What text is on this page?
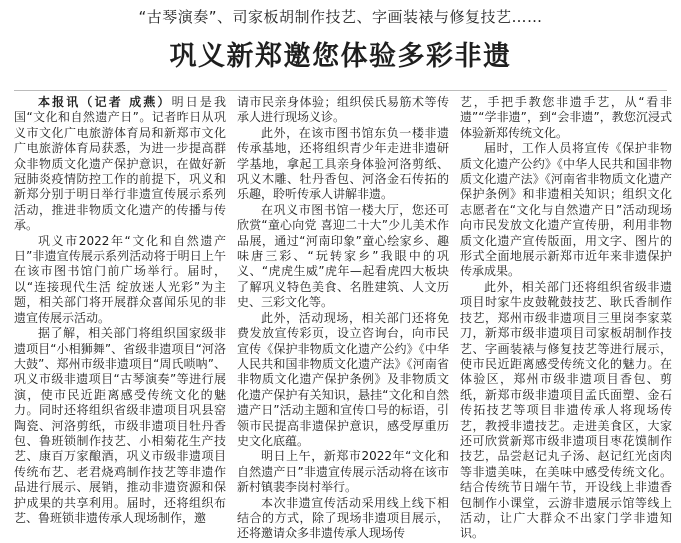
“古琴演奏”、司家板胡制作技艺、字画装裱与修复技艺……
巩义新郑邀您体验多彩非遗

本报讯（记者 成燕）明日是我国“文化和自然遗产日”。记者昨日从巩义市文化广电旅游体育局和新郑市文化广电旅游体育局获悉，为进一步提高群众非物质文化遗产保护意识，在做好新冠肺炎疫情防控工作的前提下，巩义和新郑分别于明日举行非遗宣传展示系列活动，推进非物质文化遗产的传播与传承。

巩义市2022年“文化和自然遗产日”非遗宣传展示系列活动将于明日上午在该市图书馆门前广场举行。届时，以“连接现代生活 绽放迷人光彩”为主题，相关部门将开展群众喜闻乐见的非遗宣传展示活动。

据了解，相关部门将组织国家级非遗项目“小相狮舞”、省级非遗项目“河洛大鼓”、郑州市级非遗项目“周氏唢呐”、巩义市级非遗项目“古琴演奏”等进行展演，使市民近距离感受传统文化的魅力。同时还将组织省级非遗项目巩县窑陶瓷、河洛剪纸，市级非遗项目牡丹香包、鲁班锁制作技艺、小相菊花生产技艺、康百万家酿酒，巩义市级非遗项目传统布艺、老君烧鸡制作技艺等非遗作品进行展示、展销，推动非遗资源和保护成果的共享利用。届时，还将组织布艺、鲁班锁非遗传承人现场制作，邀

请市民亲身体验；组织侯氏易筋术等传承人进行现场义诊。

此外，在该市图书馆东负一楼非遗传承基地，还将组织青少年走进非遗研学基地，拿起工具亲身体验河洛剪纸、巩义木雕、牡丹香包、河洛金石传拓的乐趣，聆听传承人讲解非遗。

在巩义市图书馆一楼大厅，您还可欣赏“童心向党 喜迎二十大”少儿美术作品展，通过“河南印象”童心绘家乡、趣味唐三彩、“玩转家乡”我眼中的巩义、“虎虎生威”虎年—起看虎四大板块了解巩义特色美食、名胜建筑、人文历史、三彩文化等。

此外，活动现场，相关部门还将免费发放宣传彩页，设立咨询台，向市民宣传《保护非物质文化遗产公约》《中华人民共和国非物质文化遗产法》《河南省非物质文化遗产保护条例》及非物质文化遗产保护有关知识，悬挂“文化和自然遗产日”活动主题和宣传口号的标语，引领市民提高非遗保护意识，感受厚重历史文化底蕴。

明日上午，新郑市2022年“文化和自然遗产日”非遗宣传展示活动将在该市新村镇裴李岗村举行。

本次非遗宣传活动采用线上线下相结合的方式，除了现场非遗项目展示，还将邀请众多非遗传承人现场传

艺，手把手教您非遗手艺，从“看非遗”“学非遗”，到“会非遗”，教您沉浸式体验新郑传统文化。

届时，工作人员将宣传《保护非物质文化遗产公约》《中华人民共和国非物质文化遗产法》《河南省非物质文化遗产保护条例》和非遗相关知识；组织文化志愿者在“文化与自然遗产日”活动现场向市民发放文化遗产宣传册，利用非物质文化遗产宣传版面，用文字、图片的形式全面地展示新郑市近年来非遗保护传承成果。

此外，相关部门还将组织省级非遗项目时家牛皮鼓靴鼓技艺、耿氏香制作技艺，郑州市级非遗项目三里岗李家菜刀，新郑市级非遗项目司家板胡制作技艺、字画装裱与修复技艺等进行展示，使市民近距离感受传统文化的魅力。在体验区，郑州市级非遗项目香包、剪纸，新郑市级非遗项目孟氏面塑、金石传拓技艺等项目非遗传承人将现场传艺，教授非遗技艺。走进美食区，大家还可欣赏新郑市级非遗项目枣花馍制作技艺，品尝赵记丸子汤、赵记红光卤肉等非遗美味，在美味中感受传统文化。结合传统节日端午节，开设线上非遗香包制作小课堂，云游非遗展示馆等线上活动，让广大群众不出家门学非遗知识。
